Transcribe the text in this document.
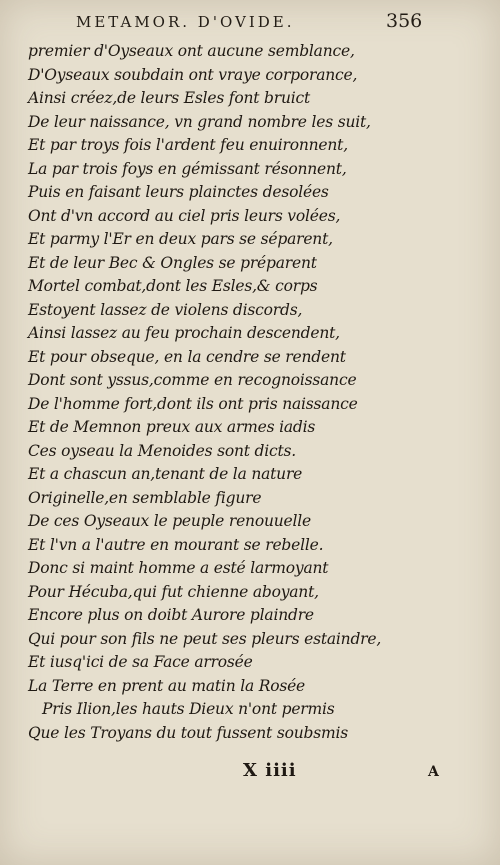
METAMOR. D'OVIDE.	356
premier d'Oyseaux ont aucune semblance,
D'Oyseaux soubdain ont vraye corporance,
Ainsi créez,de leurs Esles font bruict
De leur naissance, vn grand nombre les suit,
Et par troys fois l'ardent feu enuironnent,
La par trois foys en gémissant résonnent,
Puis en faisant leurs plainctes desolées
Ont d'vn accord au ciel pris leurs volées,
Et parmy l'Er en deux pars se séparent,
Et de leur Bec & Ongles se préparent
Mortel combat,dont les Esles,& corps
Estoyent lassez de violens discords,
Ainsi lassez au feu prochain descendent,
Et pour obseque, en la cendre se rendent
Dont sont yssus,comme en recognoissance
De l'homme fort,dont ils ont pris naissance
Et de Memnon preux aux armes iadis
Ces oyseau la Menoides sont dicts.
Et a chascun an,tenant de la nature
Originelle,en semblable figure
De ces Oyseaux le peuple renouuelle
Et l'vn a l'autre en mourant se rebelle.
Donc si maint homme a esté larmoyant
Pour Hécuba,qui fut chienne aboyant,
Encore plus on doibt Aurore plaindre
Qui pour son fils ne peut ses pleurs estaindre,
Et iusq'ici de sa Face arrosée
La Terre en prent au matin la Rosée
Pris Ilion,les hauts Dieux n'ont permis
Que les Troyans du tout fussent soubsmis
X iiii	A
